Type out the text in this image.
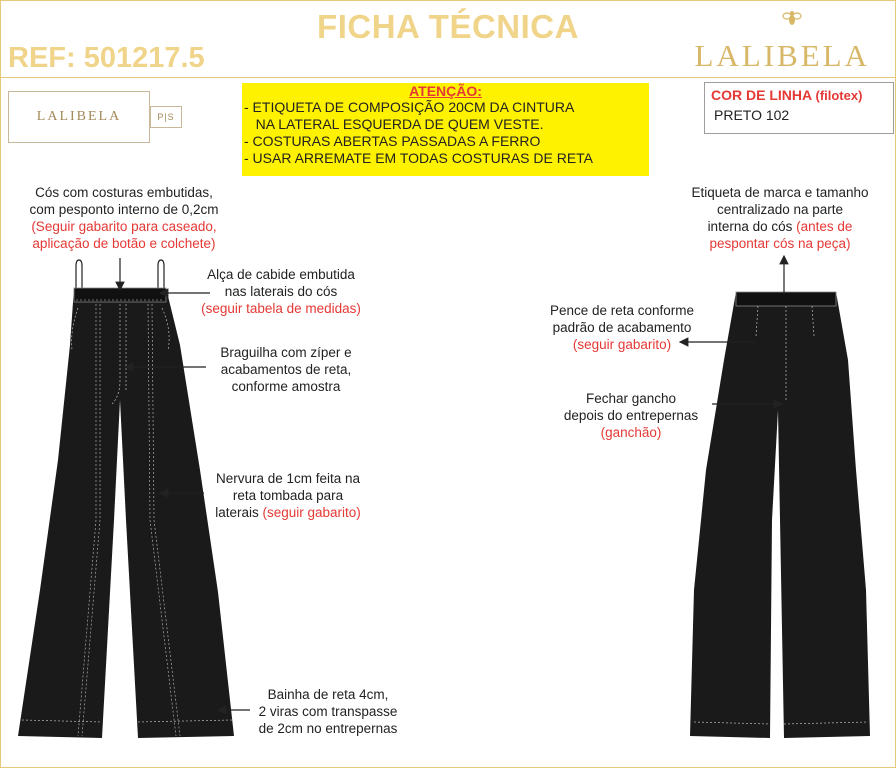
FICHA TÉCNICA
REF: 501217.5	LALIBELA
LALIBELA	P|S
ATENÇÃO:
- ETIQUETA DE COMPOSIÇÃO 20CM DA CINTURA
NA LATERAL ESQUERDA DE QUEM VESTE.
- COSTURAS ABERTAS PASSADAS A FERRO
- USAR ARREMATE EM TODAS COSTURAS DE RETA
COR DE LINHA (filotex)
PRETO 102
Cós com costuras embutidas,
com pesponto interno de 0,2cm
(Seguir gabarito para caseado,
aplicação de botão e colchete)
Alça de cabide embutida
nas laterais do cós
(seguir tabela de medidas)
Braguilha com zíper e
acabamentos de reta,
conforme amostra
Nervura de 1cm feita na
reta tombada para
laterais (seguir gabarito)
Bainha de reta 4cm,
2 viras com transpasse
de 2cm no entrepernas
Etiqueta de marca e tamanho
centralizado na parte
interna do cós (antes de
pespontar cós na peça)
Pence de reta conforme
padrão de acabamento
(seguir gabarito)
Fechar gancho
depois do entrepernas
(ganchão)
